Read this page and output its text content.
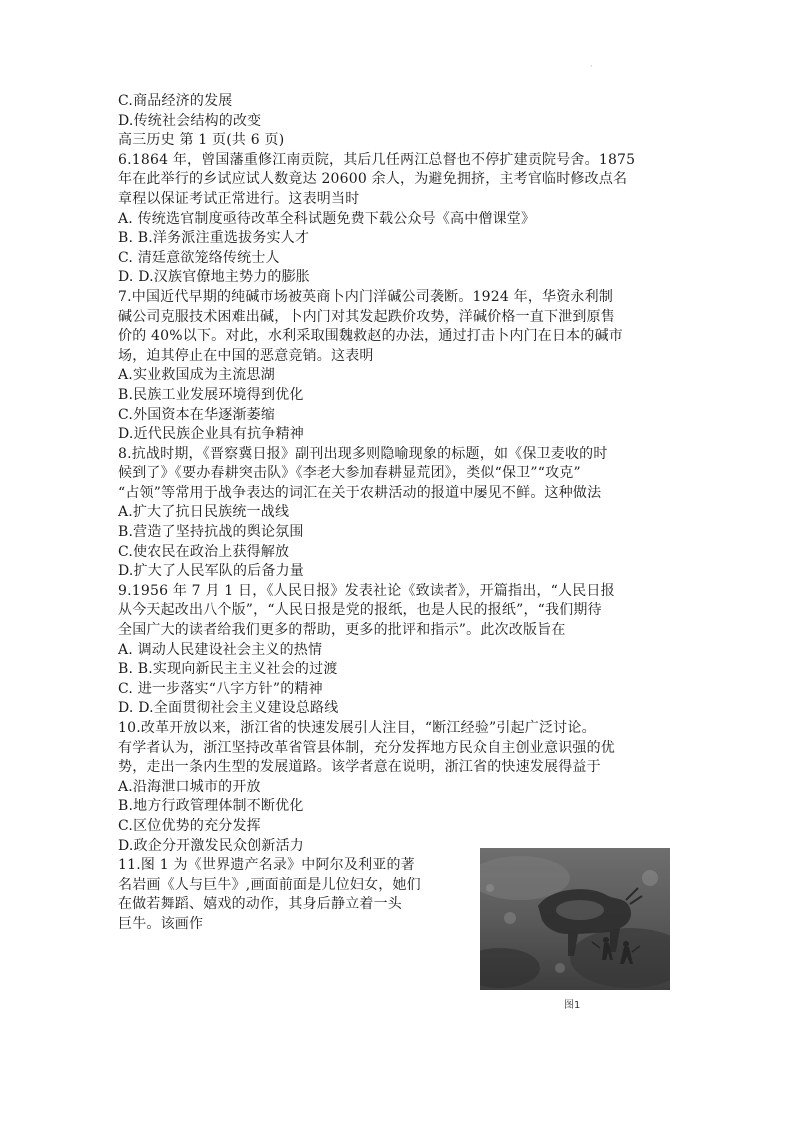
·
C.商品经济的发展
D.传统社会结构的改变
高三历史 第 1 页(共 6 页)
6.1864 年，曾国藩重修江南贡院，其后几任两江总督也不停扩建贡院号舍。1875
年在此举行的乡试应试人数竟达 20600 余人，为避免拥挤，主考官临时修改点名
章程以保证考试正常进行。这表明当时
A. 传统选官制度亟待改革全科试题免费下载公众号《高中僧课堂》
B. B.洋务派注重选拔务实人才
C. 清廷意欲笼络传统士人
D. D.汉族官僚地主势力的膨胀
7.中国近代早期的纯碱市场被英商卜内门洋碱公司袭断。1924 年，华资永利制
碱公司克服技术困难出碱，卜内门对其发起跌价攻势，洋碱价格一直下泄到原售
价的 40%以下。对此，水利采取围魏救赵的办法，通过打击卜内门在日本的碱市
场，迫其停止在中国的恶意竞销。这表明
A.实业救国成为主流思湖
B.民族工业发展环境得到优化
C.外国资本在华逐渐萎缩
D.近代民族企业具有抗争精神
8.抗战时期，《晋察冀日报》副刊出现多则隐喻现象的标题，如《保卫麦收的时
候到了》《要办春耕突击队》《李老大参加春耕显荒团》，类似“保卫”“攻克”
“占领”等常用于战争表达的词汇在关于农耕活动的报道中屡见不鲜。这种做法
A.扩大了抗日民族统一战线
B.营造了坚持抗战的舆论氛围
C.使农民在政治上获得解放
D.扩大了人民军队的后备力量
9.1956 年 7 月 1 日，《人民日报》发表社论《致读者》，开篇指出，“人民日报
从今天起改出八个版”，“人民日报是党的报纸，也是人民的报纸”，“我们期待
全国广大的读者给我们更多的帮助，更多的批评和指示”。此次改版旨在
A. 调动人民建设社会主义的热情
B. B.实现向新民主主义社会的过渡
C. 进一步落实“八字方针”的精神
D. D.全面贯彻社会主义建设总路线
10.改革开放以来，浙江省的快速发展引人注目，“断江经验”引起广泛讨论。
有学者认为，浙江坚持改革省管县体制，充分发挥地方民众自主创业意识强的优
势，走出一条内生型的发展道路。该学者意在说明，浙江省的快速发展得益于
A.沿海泄口城市的开放
B.地方行政管理体制不断优化
C.区位优势的充分发挥
D.政企分开激发民众创新活力
11.图 1 为《世界遗产名录》中阿尔及利亚的著
名岩画《人与巨牛》,画面前面是儿位妇女，她们
在做若舞蹈、嬉戏的动作，其身后静立着一头
巨牛。该画作
图1
